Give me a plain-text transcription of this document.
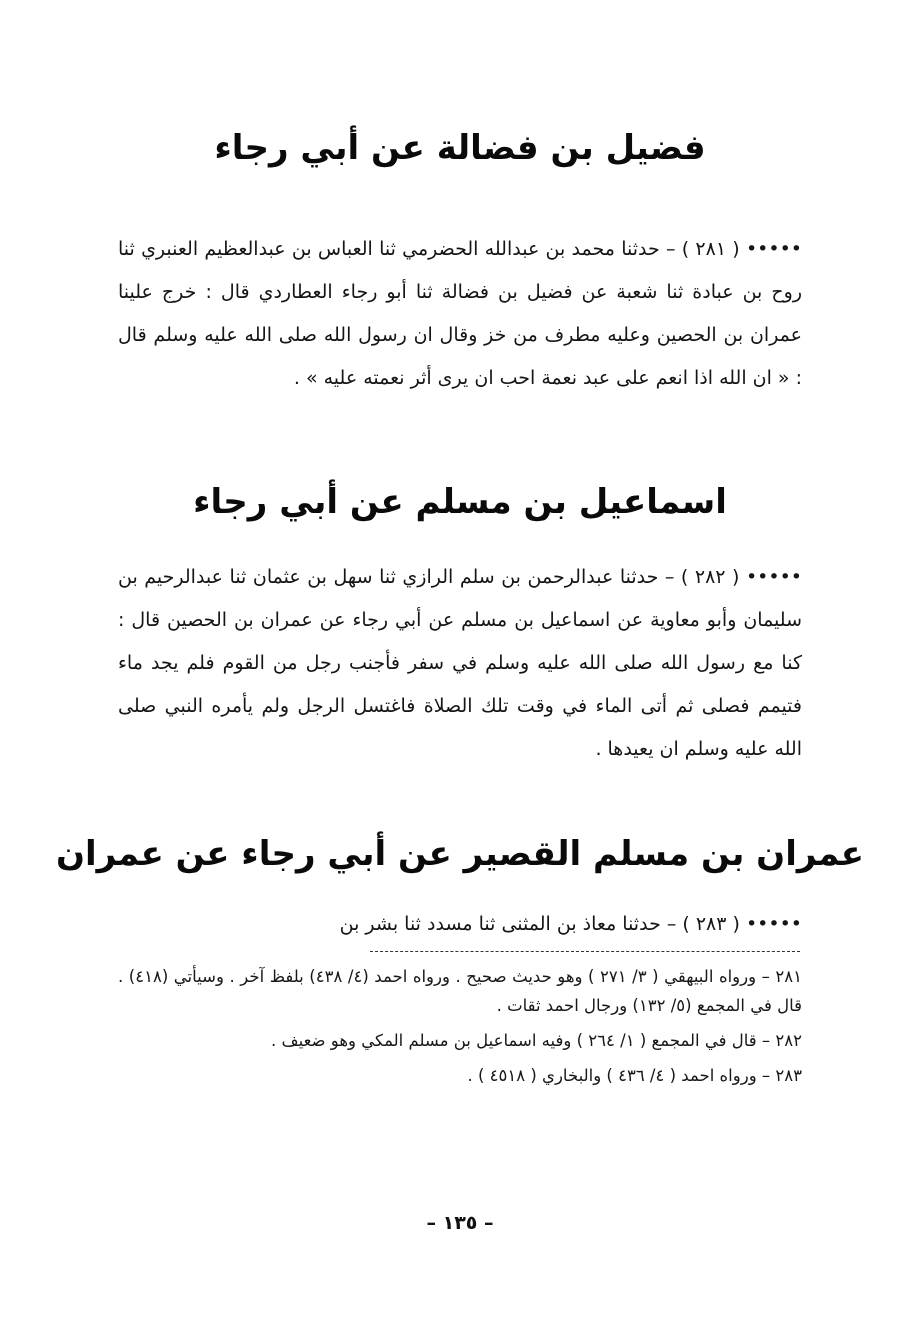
فضيل بن فضالة عن أبي رجاء

••••• ( ٢٨١ ) – حدثنا محمد بن عبدالله الحضرمي ثنا العباس بن عبدالعظيم العنبري ثنا روح بن عبادة ثنا شعبة عن فضيل بن فضالة ثنا أبو رجاء العطاردي قال : خرج علينا عمران بن الحصين وعليه مطرف من خز وقال ان رسول الله صلى الله عليه وسلم قال : « ان الله اذا انعم على عبد نعمة احب ان يرى أثر نعمته عليه » .

اسماعيل بن مسلم عن أبي رجاء

••••• ( ٢٨٢ ) – حدثنا عبدالرحمن بن سلم الرازي ثنا سهل بن عثمان ثنا عبدالرحيم بن سليمان وأبو معاوية عن اسماعيل بن مسلم عن أبي رجاء عن عمران بن الحصين قال : كنا مع رسول الله صلى الله عليه وسلم في سفر فأجنب رجل من القوم فلم يجد ماء فتيمم فصلى ثم أتى الماء في وقت تلك الصلاة فاغتسل الرجل ولم يأمره النبي صلى الله عليه وسلم ان يعيدها .

عمران بن مسلم القصير عن أبي رجاء عن عمران

••••• ( ٢٨٣ ) – حدثنا معاذ بن المثنى ثنا مسدد ثنا بشر بن

٢٨١ – ورواه البيهقي ( ٣/ ٢٧١ ) وهو حديث صحيح . ورواه احمد (٤/ ٤٣٨) بلفظ آخر . وسيأتي (٤١٨) . قال في المجمع (٥/ ١٣٢) ورجال احمد ثقات .

٢٨٢ – قال في المجمع ( ١/ ٢٦٤ ) وفيه اسماعيل بن مسلم المكي وهو ضعيف .

٢٨٣ – ورواه احمد ( ٤/ ٤٣٦ ) والبخاري ( ٤٥١٨ ) .

– ١٣٥ –
